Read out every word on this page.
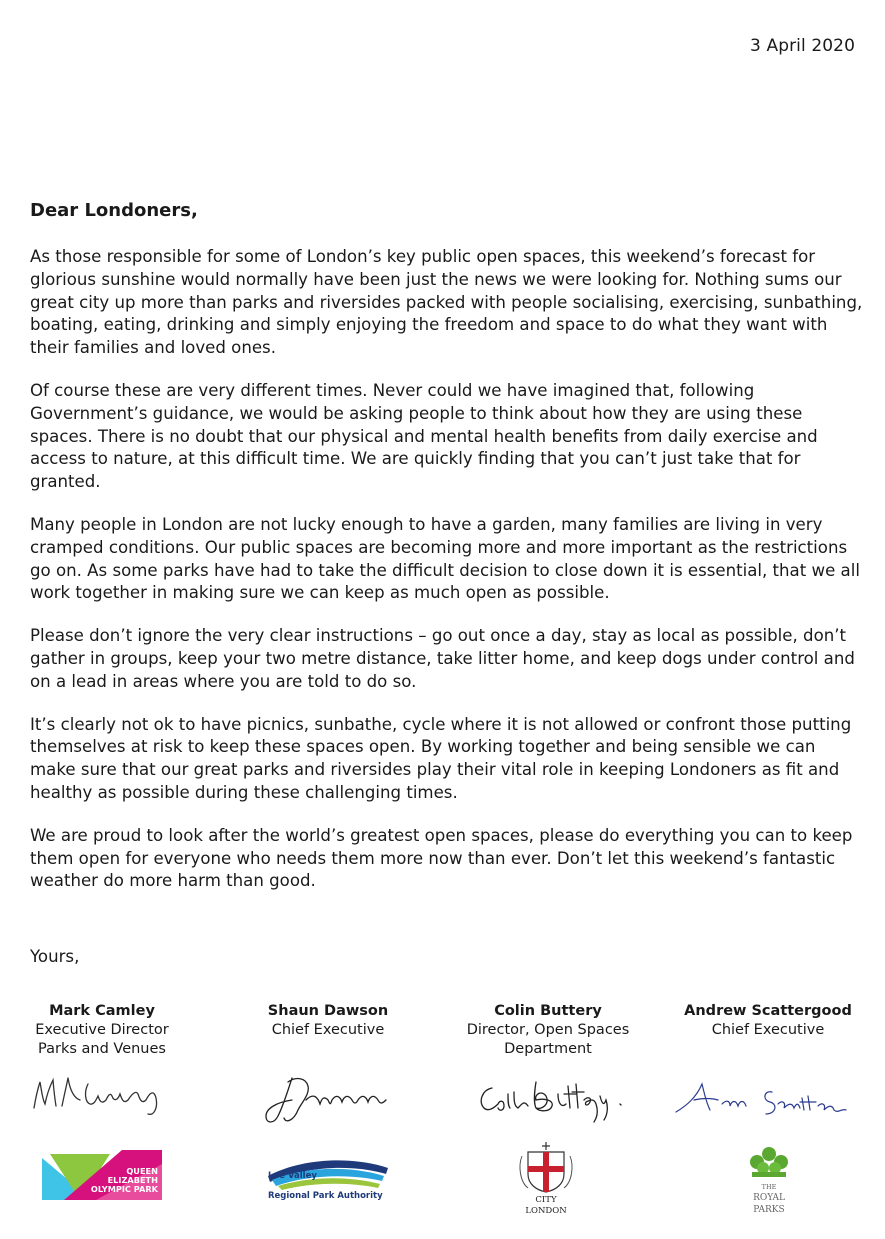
3 April 2020
Dear Londoners,

As those responsible for some of London’s key public open spaces, this weekend’s forecast for glorious sunshine would normally have been just the news we were looking for. Nothing sums our great city up more than parks and riversides packed with people socialising, exercising, sunbathing, boating, eating, drinking and simply enjoying the freedom and space to do what they want with their families and loved ones.

Of course these are very different times. Never could we have imagined that, following Government’s guidance, we would be asking people to think about how they are using these spaces. There is no doubt that our physical and mental health benefits from daily exercise and access to nature, at this difficult time. We are quickly finding that you can’t just take that for granted.

Many people in London are not lucky enough to have a garden, many families are living in very cramped conditions. Our public spaces are becoming more and more important as the restrictions go on. As some parks have had to take the difficult decision to close down it is essential, that we all work together in making sure we can keep as much open as possible.

Please don’t ignore the very clear instructions – go out once a day, stay as local as possible, don’t gather in groups, keep your two metre distance, take litter home, and keep dogs under control and on a lead in areas where you are told to do so.

It’s clearly not ok to have picnics, sunbathe, cycle where it is not allowed or confront those putting themselves at risk to keep these spaces open. By working together and being sensible we can make sure that our great parks and riversides play their vital role in keeping Londoners as fit and healthy as possible during these challenging times.

We are proud to look after the world’s greatest open spaces, please do everything you can to keep them open for everyone who needs them more now than ever. Don’t let this weekend’s fantastic weather do more harm than good.

Yours,
Mark Camley
Executive Director
Parks and Venues
QUEEN
ELIZABETH
OLYMPIC PARK
Shaun Dawson
Chief Executive
Lee Valley
Regional Park Authority
Colin Buttery
Director, Open Spaces
Department
CITY
LONDON
Andrew Scattergood
Chief Executive
THE
ROYAL
PARKS
